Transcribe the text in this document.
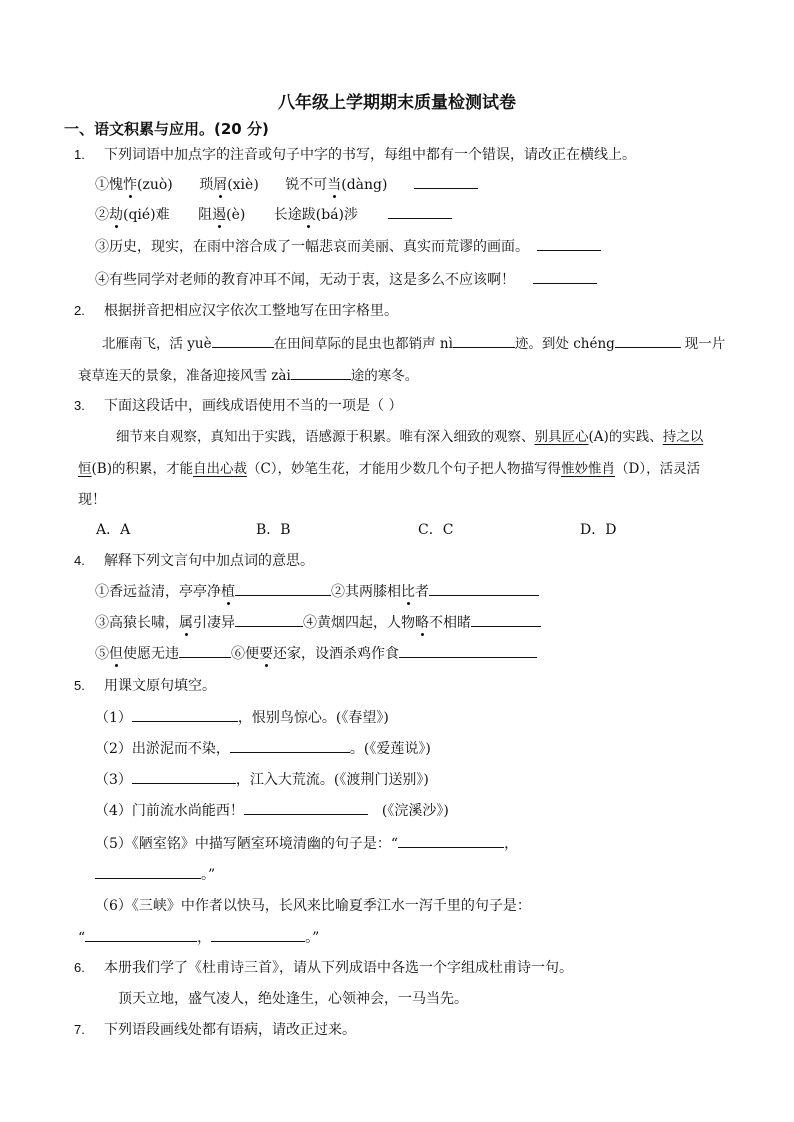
八年级上学期期末质量检测试卷
一、语文积累与应用。(20 分)
1. 下列词语中加点字的注音或句子中字的书写，每组中都有一个错误，请改正在横线上。
①愧怍(zuò) 琐屑(xiè) 锐不可当(dàng)
②劫(qié)难 阻遏(è) 长途跋(bá)涉
③历史，现实，在雨中溶合成了一幅悲哀而美丽、真实而荒谬的画面。
④有些同学对老师的教育冲耳不闻，无动于衷，这是多么不应该啊！
2. 根据拼音把相应汉字依次工整地写在田字格里。
北雁南飞，活 yuè	在田间草际的昆虫也都销声 nì	迹。到处 chéng	现一片
衰草连天的景象，准备迎接风雪 zài	途的寒冬。
3. 下面这段话中，画线成语使用不当的一项是（ ）
细节来自观察，真知出于实践，语感源于积累。唯有深入细致的观察、别具匠心(A)的实践、持之以
恒(B)的积累，才能自出心裁（C），妙笔生花，才能用少数几个句子把人物描写得惟妙惟肖（D），活灵活
现！
A．A	B．B	C．C	D．D
4. 解释下列文言句中加点词的意思。
①香远益清，亭亭净植	②其两膝相比者
③高猿长啸，属引凄异	④黄烟四起，人物略不相睹
⑤但使愿无违	⑥便要还家，设酒杀鸡作食
5. 用课文原句填空。
（1）	，恨别鸟惊心。(《春望》)
（2）出淤泥而不染，	。(《爱莲说》)
（3）	，江入大荒流。(《渡荆门送别》)
（4）门前流水尚能西！	(《浣溪沙》)
（5）《陋室铭》中描写陋室环境清幽的句子是：“	，
。”
（6）《三峡》中作者以快马，长风来比喻夏季江水一泻千里的句子是：
“	，	。”
6. 本册我们学了《杜甫诗三首》，请从下列成语中各选一个字组成杜甫诗一句。
顶天立地，盛气凌人，绝处逢生，心领神会，一马当先。
7. 下列语段画线处都有语病，请改正过来。
